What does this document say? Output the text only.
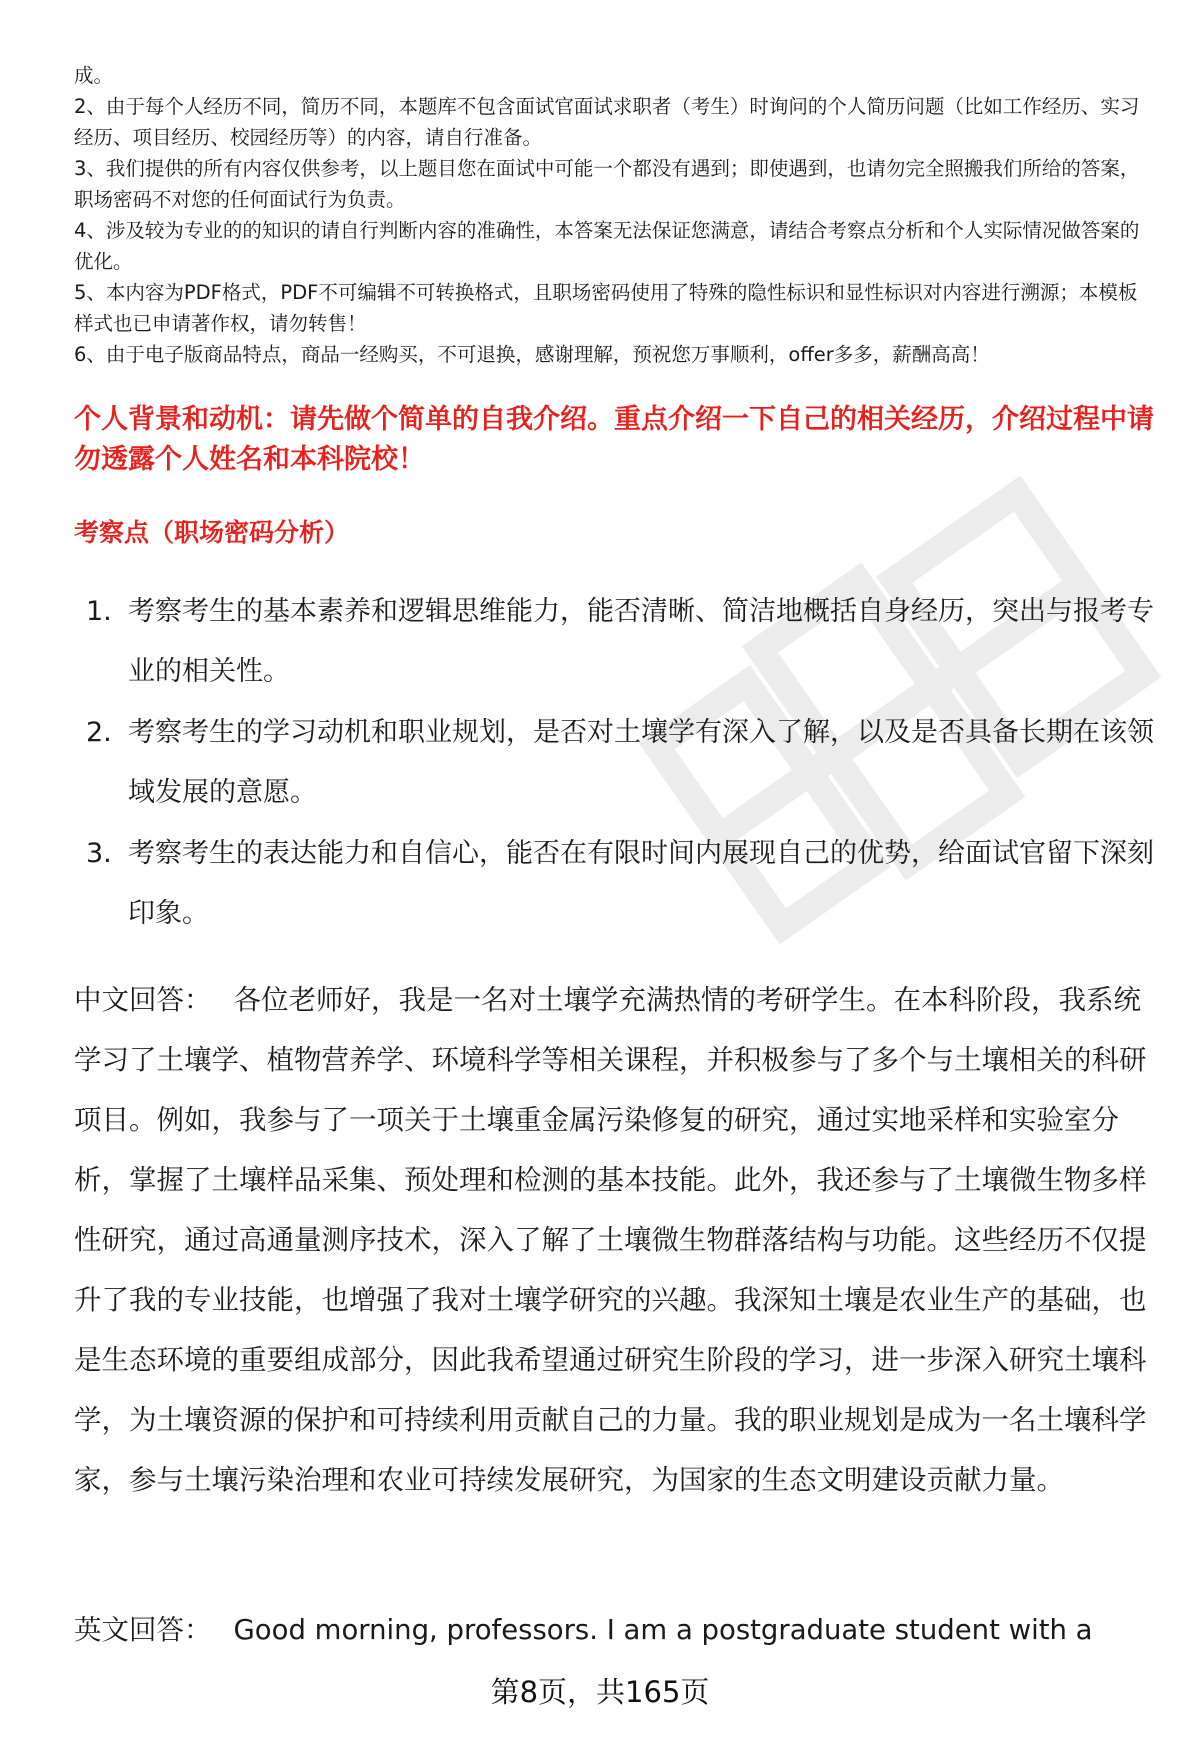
成。

2、由于每个人经历不同，简历不同，本题库不包含面试官面试求职者（考生）时询问的个人简历问题（比如工作经历、实习经历、项目经历、校园经历等）的内容，请自行准备。

3、我们提供的所有内容仅供参考，以上题目您在面试中可能一个都没有遇到；即使遇到，也请勿完全照搬我们所给的答案，职场密码不对您的任何面试行为负责。

4、涉及较为专业的的知识的请自行判断内容的准确性，本答案无法保证您满意，请结合考察点分析和个人实际情况做答案的优化。

5、本内容为PDF格式，PDF不可编辑不可转换格式，且职场密码使用了特殊的隐性标识和显性标识对内容进行溯源；本模板样式也已申请著作权，请勿转售！

6、由于电子版商品特点，商品一经购买，不可退换，感谢理解，预祝您万事顺利，offer多多，薪酬高高！

个人背景和动机：请先做个简单的自我介绍。重点介绍一下自己的相关经历，介绍过程中请勿透露个人姓名和本科院校！
考察点（职场密码分析）
1. 考察考生的基本素养和逻辑思维能力，能否清晰、简洁地概括自身经历，突出与报考专业的相关性。
2. 考察考生的学习动机和职业规划，是否对土壤学有深入了解，以及是否具备长期在该领域发展的意愿。
3. 考察考生的表达能力和自信心，能否在有限时间内展现自己的优势，给面试官留下深刻印象。

中文回答： 各位老师好，我是一名对土壤学充满热情的考研学生。在本科阶段，我系统学习了土壤学、植物营养学、环境科学等相关课程，并积极参与了多个与土壤相关的科研项目。例如，我参与了一项关于土壤重金属污染修复的研究，通过实地采样和实验室分析，掌握了土壤样品采集、预处理和检测的基本技能。此外，我还参与了土壤微生物多样性研究，通过高通量测序技术，深入了解了土壤微生物群落结构与功能。这些经历不仅提升了我的专业技能，也增强了我对土壤学研究的兴趣。我深知土壤是农业生产的基础，也是生态环境的重要组成部分，因此我希望通过研究生阶段的学习，进一步深入研究土壤科学，为土壤资源的保护和可持续利用贡献自己的力量。我的职业规划是成为一名土壤科学家，参与土壤污染治理和农业可持续发展研究，为国家的生态文明建设贡献力量。

英文回答： Good morning, professors. I am a postgraduate student with a

第8页，共165页
